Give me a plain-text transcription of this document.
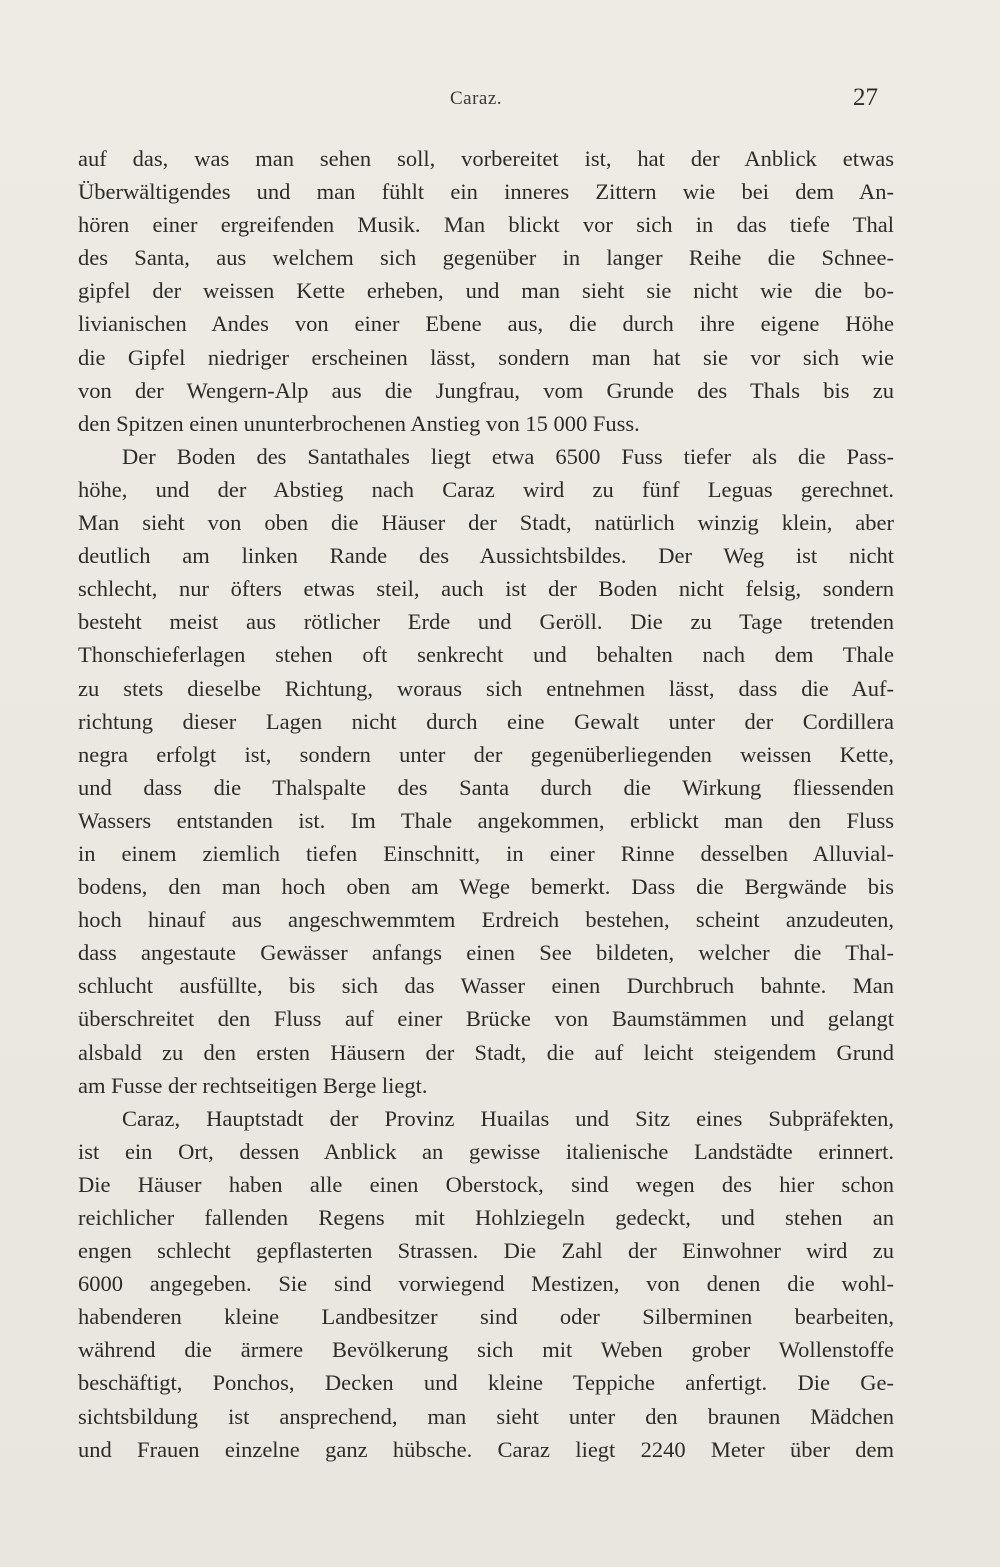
Caraz.	27
auf das, was man sehen soll, vorbereitet ist, hat der Anblick etwas
Überwältigendes und man fühlt ein inneres Zittern wie bei dem An-
hören einer ergreifenden Musik. Man blickt vor sich in das tiefe Thal
des Santa, aus welchem sich gegenüber in langer Reihe die Schnee-
gipfel der weissen Kette erheben, und man sieht sie nicht wie die bo-
livianischen Andes von einer Ebene aus, die durch ihre eigene Höhe
die Gipfel niedriger erscheinen lässt, sondern man hat sie vor sich wie
von der Wengern-Alp aus die Jungfrau, vom Grunde des Thals bis zu
den Spitzen einen ununterbrochenen Anstieg von 15 000 Fuss.
Der Boden des Santathales liegt etwa 6500 Fuss tiefer als die Pass-
höhe, und der Abstieg nach Caraz wird zu fünf Leguas gerechnet.
Man sieht von oben die Häuser der Stadt, natürlich winzig klein, aber
deutlich am linken Rande des Aussichtsbildes. Der Weg ist nicht
schlecht, nur öfters etwas steil, auch ist der Boden nicht felsig, sondern
besteht meist aus rötlicher Erde und Geröll. Die zu Tage tretenden
Thonschieferlagen stehen oft senkrecht und behalten nach dem Thale
zu stets dieselbe Richtung, woraus sich entnehmen lässt, dass die Auf-
richtung dieser Lagen nicht durch eine Gewalt unter der Cordillera
negra erfolgt ist, sondern unter der gegenüberliegenden weissen Kette,
und dass die Thalspalte des Santa durch die Wirkung fliessenden
Wassers entstanden ist. Im Thale angekommen, erblickt man den Fluss
in einem ziemlich tiefen Einschnitt, in einer Rinne desselben Alluvial-
bodens, den man hoch oben am Wege bemerkt. Dass die Bergwände bis
hoch hinauf aus angeschwemmtem Erdreich bestehen, scheint anzudeuten,
dass angestaute Gewässer anfangs einen See bildeten, welcher die Thal-
schlucht ausfüllte, bis sich das Wasser einen Durchbruch bahnte. Man
überschreitet den Fluss auf einer Brücke von Baumstämmen und gelangt
alsbald zu den ersten Häusern der Stadt, die auf leicht steigendem Grund
am Fusse der rechtseitigen Berge liegt.
Caraz, Hauptstadt der Provinz Huailas und Sitz eines Subpräfekten,
ist ein Ort, dessen Anblick an gewisse italienische Landstädte erinnert.
Die Häuser haben alle einen Oberstock, sind wegen des hier schon
reichlicher fallenden Regens mit Hohlziegeln gedeckt, und stehen an
engen schlecht gepflasterten Strassen. Die Zahl der Einwohner wird zu
6000 angegeben. Sie sind vorwiegend Mestizen, von denen die wohl-
habenderen kleine Landbesitzer sind oder Silberminen bearbeiten,
während die ärmere Bevölkerung sich mit Weben grober Wollenstoffe
beschäftigt, Ponchos, Decken und kleine Teppiche anfertigt. Die Ge-
sichtsbildung ist ansprechend, man sieht unter den braunen Mädchen
und Frauen einzelne ganz hübsche. Caraz liegt 2240 Meter über dem
